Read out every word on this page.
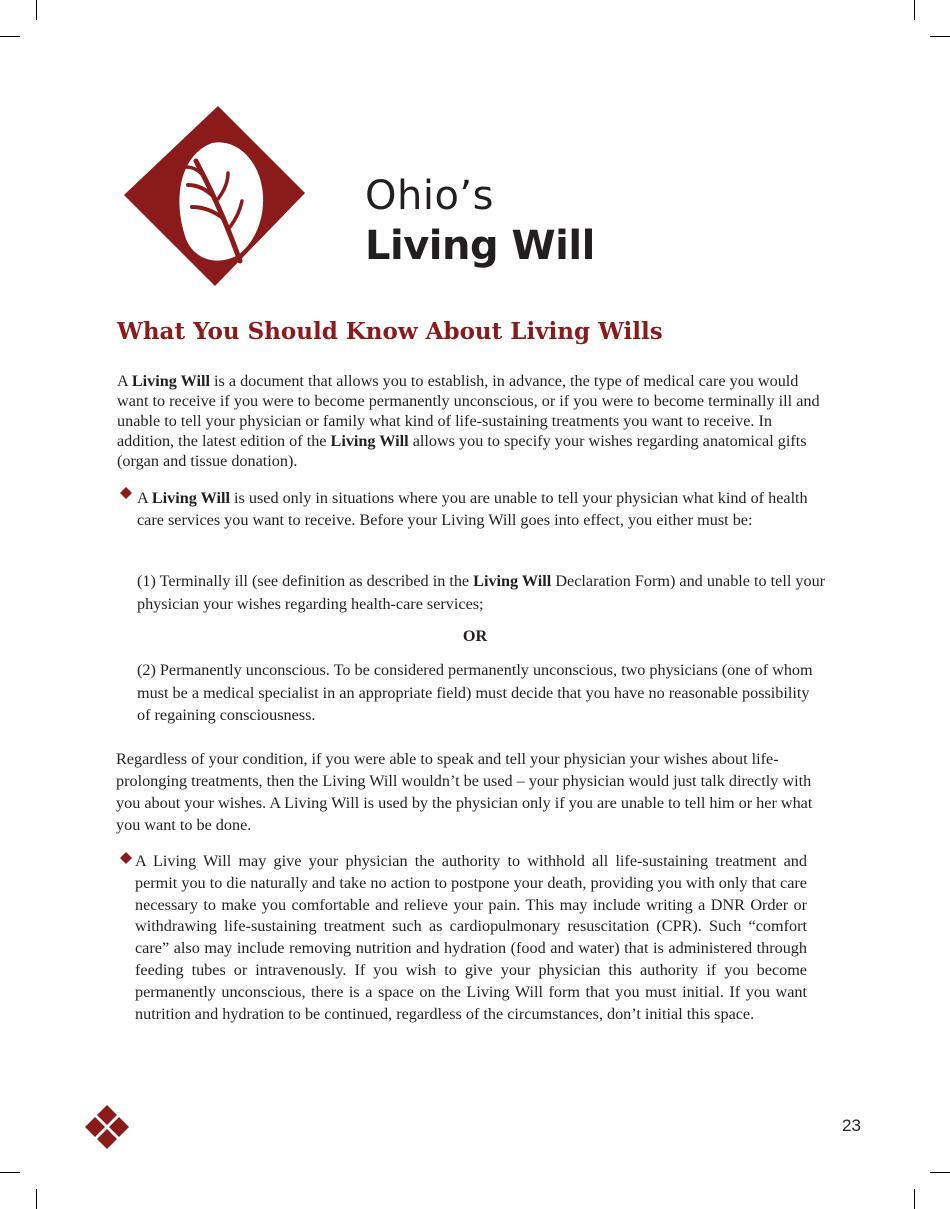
Ohio’s
Living Will
What You Should Know About Living Wills
A Living Will is a document that allows you to establish, in advance, the type of medical care you would want to receive if you were to become permanently unconscious, or if you were to become terminally ill and unable to tell your physician or family what kind of life-sustaining treatments you want to receive. In addition, the latest edition of the Living Will allows you to specify your wishes regarding anatomical gifts (organ and tissue donation).
A Living Will is used only in situations where you are unable to tell your physician what kind of health care services you want to receive. Before your Living Will goes into effect, you either must be:
(1) Terminally ill (see definition as described in the Living Will Declaration Form) and unable to tell your physician your wishes regarding health-care services;
OR
(2) Permanently unconscious. To be considered permanently unconscious, two physicians (one of whom must be a medical specialist in an appropriate field) must decide that you have no reasonable possibility of regaining consciousness.
Regardless of your condition, if you were able to speak and tell your physician your wishes about life-prolonging treatments, then the Living Will wouldn’t be used – your physician would just talk directly with you about your wishes. A Living Will is used by the physician only if you are unable to tell him or her what you want to be done.
A Living Will may give your physician the authority to withhold all life-sustaining treatment and permit you to die naturally and take no action to postpone your death, providing you with only that care necessary to make you comfortable and relieve your pain. This may include writing a DNR Order or withdrawing life-sustaining treatment such as cardiopulmonary resuscitation (CPR). Such “comfort care” also may include removing nutrition and hydration (food and water) that is administered through feeding tubes or intravenously. If you wish to give your physician this authority if you become permanently unconscious, there is a space on the Living Will form that you must initial. If you want nutrition and hydration to be continued, regardless of the circumstances, don’t initial this space.
23
